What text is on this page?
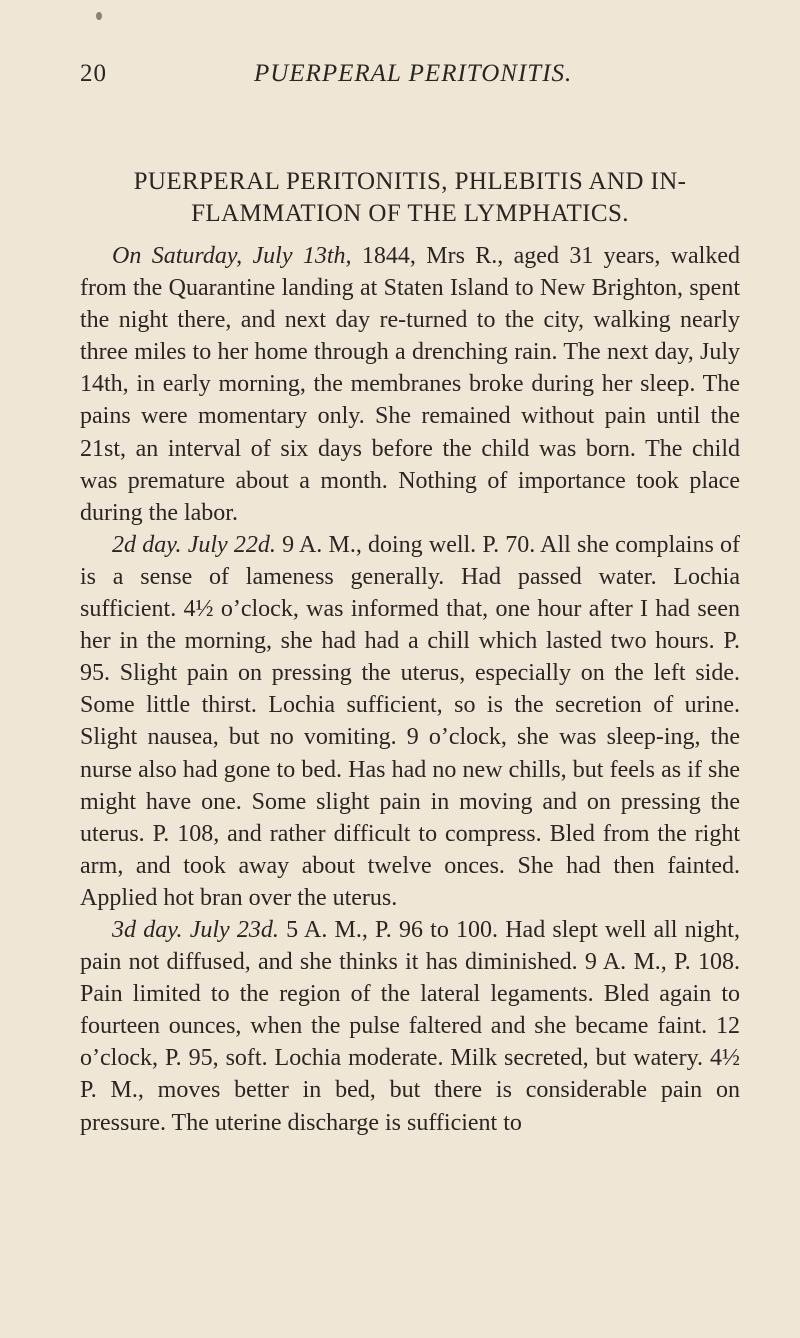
20	PUERPERAL PERITONITIS.
PUERPERAL PERITONITIS, PHLEBITIS AND IN-
FLAMMATION OF THE LYMPHATICS.

On Saturday, July 13th, 1844, Mrs R., aged 31 years, walked from the Quarantine landing at Staten Island to New Brighton, spent the night there, and next day re-turned to the city, walking nearly three miles to her home through a drenching rain. The next day, July 14th, in early morning, the membranes broke during her sleep. The pains were momentary only. She remained without pain until the 21st, an interval of six days before the child was born. The child was premature about a month. Nothing of importance took place during the labor.

2d day. July 22d. 9 A. M., doing well. P. 70. All she complains of is a sense of lameness generally. Had passed water. Lochia sufficient. 4½ o’clock, was informed that, one hour after I had seen her in the morning, she had had a chill which lasted two hours. P. 95. Slight pain on pressing the uterus, especially on the left side. Some little thirst. Lochia sufficient, so is the secretion of urine. Slight nausea, but no vomiting. 9 o’clock, she was sleep-ing, the nurse also had gone to bed. Has had no new chills, but feels as if she might have one. Some slight pain in moving and on pressing the uterus. P. 108, and rather difficult to compress. Bled from the right arm, and took away about twelve onces. She had then fainted. Applied hot bran over the uterus.

3d day. July 23d. 5 A. M., P. 96 to 100. Had slept well all night, pain not diffused, and she thinks it has diminished. 9 A. M., P. 108. Pain limited to the region of the lateral legaments. Bled again to fourteen ounces, when the pulse faltered and she became faint. 12 o’clock, P. 95, soft. Lochia moderate. Milk secreted, but watery. 4½ P. M., moves better in bed, but there is considerable pain on pressure. The uterine discharge is sufficient to
